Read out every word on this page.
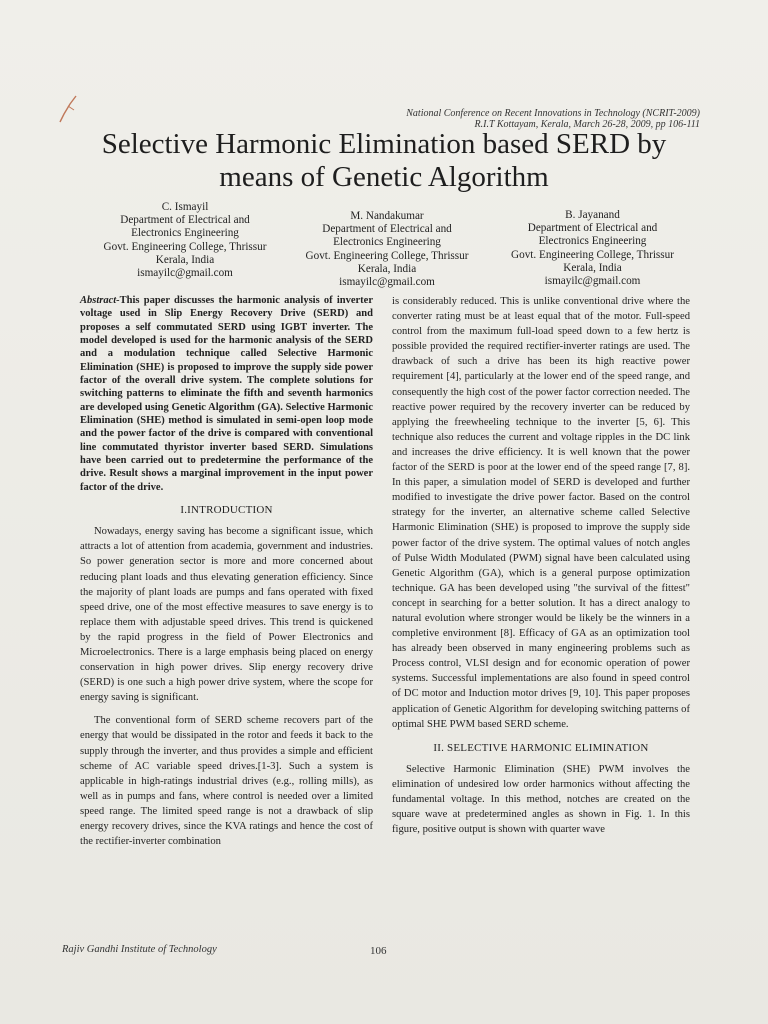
National Conference on Recent Innovations in Technology (NCRIT-2009)
R.I.T Kottayam, Kerala, March 26-28, 2009, pp 106-111
Selective Harmonic Elimination based SERD by
means of Genetic Algorithm
C. Ismayil
Department of Electrical and
Electronics Engineering
Govt. Engineering College, Thrissur
Kerala, India
ismayilc@gmail.com
M. Nandakumar
Department of Electrical and
Electronics Engineering
Govt. Engineering College, Thrissur
Kerala, India
ismayilc@gmail.com
B. Jayanand
Department of Electrical and
Electronics Engineering
Govt. Engineering College, Thrissur
Kerala, India
ismayilc@gmail.com

Abstract-This paper discusses the harmonic analysis of inverter voltage used in Slip Energy Recovery Drive (SERD) and proposes a self commutated SERD using IGBT inverter. The model developed is used for the harmonic analysis of the SERD and a modulation technique called Selective Harmonic Elimination (SHE) is proposed to improve the supply side power factor of the overall drive system. The complete solutions for switching patterns to eliminate the fifth and seventh harmonics are developed using Genetic Algorithm (GA). Selective Harmonic Elimination (SHE) method is simulated in semi-open loop mode and the power factor of the drive is compared with conventional line commutated thyristor inverter based SERD. Simulations have been carried out to predetermine the performance of the drive. Result shows a marginal improvement in the input power factor of the drive.

I.INTRODUCTION

Nowadays, energy saving has become a significant issue, which attracts a lot of attention from academia, government and industries. So power generation sector is more and more concerned about reducing plant loads and thus elevating generation efficiency. Since the majority of plant loads are pumps and fans operated with fixed speed drive, one of the most effective measures to save energy is to replace them with adjustable speed drives. This trend is quickened by the rapid progress in the field of Power Electronics and Microelectronics. There is a large emphasis being placed on energy conservation in high power drives. Slip energy recovery drive (SERD) is one such a high power drive system, where the scope for energy saving is significant.

The conventional form of SERD scheme recovers part of the energy that would be dissipated in the rotor and feeds it back to the supply through the inverter, and thus provides a simple and efficient scheme of AC variable speed drives.[1-3]. Such a system is applicable in high-ratings industrial drives (e.g., rolling mills), as well as in pumps and fans, where control is needed over a limited speed range. The limited speed range is not a drawback of slip energy recovery drives, since the KVA ratings and hence the cost of the rectifier-inverter combination

is considerably reduced. This is unlike conventional drive where the converter rating must be at least equal that of the motor. Full-speed control from the maximum full-load speed down to a few hertz is possible provided the required rectifier-inverter ratings are used. The drawback of such a drive has been its high reactive power requirement [4], particularly at the lower end of the speed range, and consequently the high cost of the power factor correction needed. The reactive power required by the recovery inverter can be reduced by applying the freewheeling technique to the inverter [5, 6]. This technique also reduces the current and voltage ripples in the DC link and increases the drive efficiency. It is well known that the power factor of the SERD is poor at the lower end of the speed range [7, 8]. In this paper, a simulation model of SERD is developed and further modified to investigate the drive power factor. Based on the control strategy for the inverter, an alternative scheme called Selective Harmonic Elimination (SHE) is proposed to improve the supply side power factor of the drive system. The optimal values of notch angles of Pulse Width Modulated (PWM) signal have been calculated using Genetic Algorithm (GA), which is a general purpose optimization technique. GA has been developed using "the survival of the fittest" concept in searching for a better solution. It has a direct analogy to natural evolution where stronger would be likely be the winners in a completive environment [8]. Efficacy of GA as an optimization tool has already been observed in many engineering problems such as Process control, VLSI design and for economic operation of power systems. Successful implementations are also found in speed control of DC motor and Induction motor drives [9, 10]. This paper proposes application of Genetic Algorithm for developing switching patterns of optimal SHE PWM based SERD scheme.

II. SELECTIVE HARMONIC ELIMINATION

Selective Harmonic Elimination (SHE) PWM involves the elimination of undesired low order harmonics without affecting the fundamental voltage. In this method, notches are created on the square wave at predetermined angles as shown in Fig. 1. In this figure, positive output is shown with quarter wave

Rajiv Gandhi Institute of Technology	106
